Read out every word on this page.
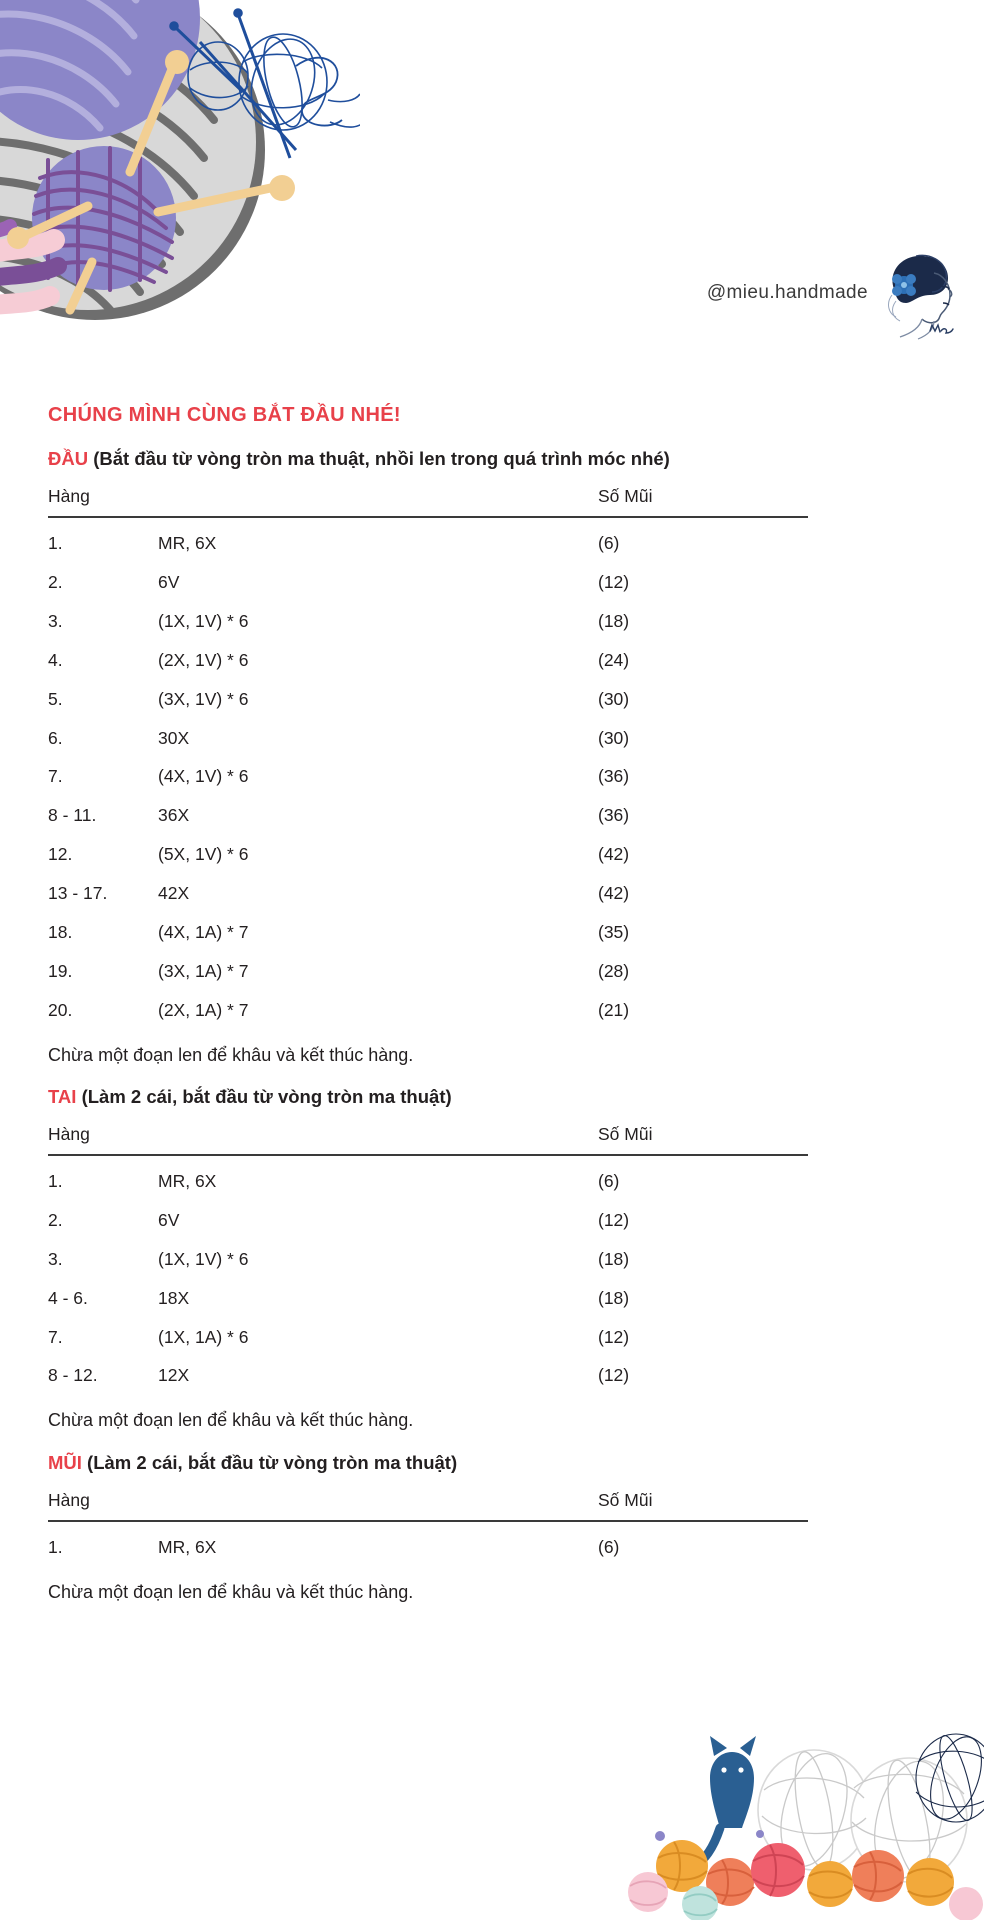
@mieu.handmade
CHÚNG MÌNH CÙNG BẮT ĐẦU NHÉ!
ĐẦU (Bắt đầu từ vòng tròn ma thuật, nhồi len trong quá trình móc nhé)
Hàng		Số Mũi
1.	MR, 6X	(6)
2.	6V	(12)
3.	(1X, 1V) * 6	(18)
4.	(2X, 1V) * 6	(24)
5.	(3X, 1V) * 6	(30)
6.	30X	(30)
7.	(4X, 1V) * 6	(36)
8 - 11.	36X	(36)
12.	(5X, 1V) * 6	(42)
13 - 17.	42X	(42)
18.	(4X, 1A) * 7	(35)
19.	(3X, 1A) * 7	(28)
20.	(2X, 1A) * 7	(21)

Chừa một đoạn len để khâu và kết thúc hàng.

TAI (Làm 2 cái, bắt đầu từ vòng tròn ma thuật)
Hàng		Số Mũi
1.	MR, 6X	(6)
2.	6V	(12)
3.	(1X, 1V) * 6	(18)
4 - 6.	18X	(18)
7.	(1X, 1A) * 6	(12)
8 - 12.	12X	(12)

Chừa một đoạn len để khâu và kết thúc hàng.

MŨI (Làm 2 cái, bắt đầu từ vòng tròn ma thuật)
Hàng		Số Mũi
1.	MR, 6X	(6)

Chừa một đoạn len để khâu và kết thúc hàng.
